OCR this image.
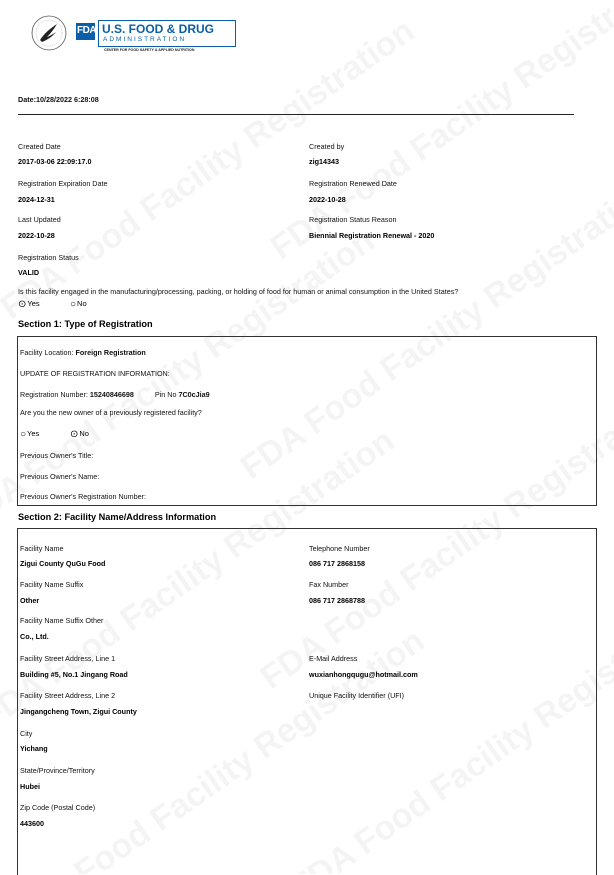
FDA U.S. FOOD & DRUG
ADMINISTRATION
CENTER FOR FOOD SAFETY & APPLIED NUTRITION
Date:10/28/2022 6:28:08
Created Date
2017-03-06 22:09:17.0
Created by
zig14343
Registration Expiration Date
2024-12-31
Registration Renewed Date
2022-10-28
Last Updated
2022-10-28
Registration Status Reason
Biennial Registration Renewal - 2020
Registration Status
VALID
Is this facility engaged in the manufacturing/processing, packing, or holding of food for human or animal consumption in the United States?
⊙Yes	○No
Section 1: Type of Registration
Facility Location: Foreign Registration
UPDATE OF REGISTRATION INFORMATION:
Registration Number: 15240846698	Pin No 7C0cJia9
Are you the new owner of a previously registered facility?
○Yes	⊙No
Previous Owner's Title:
Previous Owner's Name:
Previous Owner's Registration Number:
Section 2: Facility Name/Address Information
Facility Name
Zigui County QuGu Food
Telephone Number
086 717 2868158
Facility Name Suffix
Other
Fax Number
086 717 2868788
Facility Name Suffix Other
Co., Ltd.
Facility Street Address, Line 1
Building #5, No.1 Jingang Road
E-Mail Address
wuxianhongqugu@hotmail.com
Facility Street Address, Line 2
Jingangcheng Town, Zigui County
Unique Facility Identifier (UFI)
City
Yichang
State/Province/Territory
Hubei
Zip Code (Postal Code)
443600
